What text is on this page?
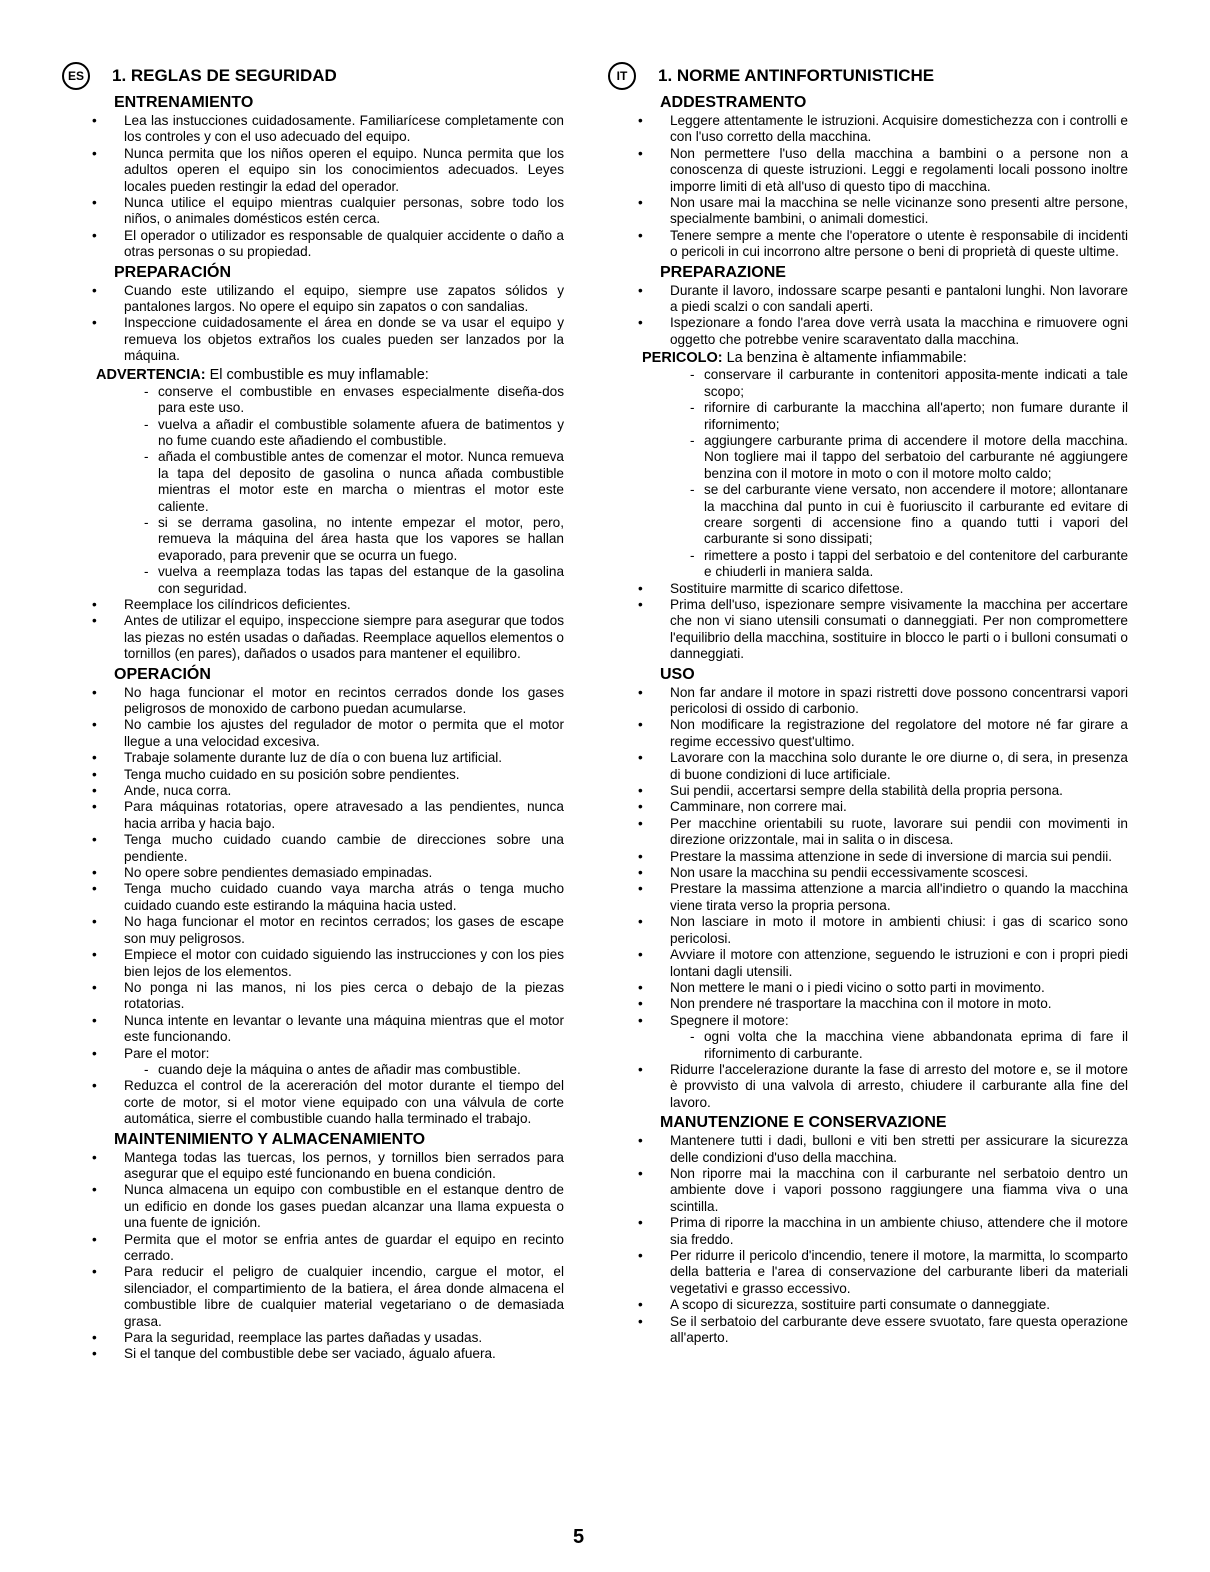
ES	1. REGLAS DE SEGURIDAD
ENTRENAMIENTO
• Lea las instucciones cuidadosamente. Familiarícese completamente con los controles y con el uso adecuado del equipo.
• Nunca permita que los niños operen el equipo. Nunca permita que los adultos operen el equipo sin los conocimientos adecuados. Leyes locales pueden restingir la edad del operador.
• Nunca utilice el equipo mientras cualquier personas, sobre todo los niños, o animales domésticos estén cerca.
• El operador o utilizador es responsable de qualquier accidente o daño a otras personas o su propiedad.
PREPARACIÓN
• Cuando este utilizando el equipo, siempre use zapatos sólidos y pantalones largos. No opere el equipo sin zapatos o con sandalias.
• Inspeccione cuidadosamente el área en donde se va usar el equipo y remueva los objetos extraños los cuales pueden ser lanzados por la máquina.
ADVERTENCIA: El combustible es muy inflamable:
- conserve el combustible en envases especialmente diseña-dos para este uso.
- vuelva a añadir el combustible solamente afuera de batimentos y no fume cuando este añadiendo el combustible.
- añada el combustible antes de comenzar el motor. Nunca remueva la tapa del deposito de gasolina o nunca añada combustible mientras el motor este en marcha o mientras el motor este caliente.
- si se derrama gasolina, no intente empezar el motor, pero, remueva la máquina del área hasta que los vapores se hallan evaporado, para prevenir que se ocurra un fuego.
- vuelva a reemplaza todas las tapas del estanque de la gasolina con seguridad.
• Reemplace los cilíndricos deficientes.
• Antes de utilizar el equipo, inspeccione siempre para asegurar que todos las piezas no estén usadas o dañadas. Reemplace aquellos elementos o tornillos (en pares), dañados o usados para mantener el equilibro.
OPERACIÓN
• No haga funcionar el motor en recintos cerrados donde los gases peligrosos de monoxido de carbono puedan acumularse.
• No cambie los ajustes del regulador de motor o permita que el motor llegue a una velocidad excesiva.
• Trabaje solamente durante luz de día o con buena luz artificial.
• Tenga mucho cuidado en su posición sobre pendientes.
• Ande, nuca corra.
• Para máquinas rotatorias, opere atravesado a las pendientes, nunca hacia arriba y hacia bajo.
• Tenga mucho cuidado cuando cambie de direcciones sobre una pendiente.
• No opere sobre pendientes demasiado empinadas.
• Tenga mucho cuidado cuando vaya marcha atrás o tenga mucho cuidado cuando este estirando la máquina hacia usted.
• No haga funcionar el motor en recintos cerrados; los gases de escape son muy peligrosos.
• Empiece el motor con cuidado siguiendo las instrucciones y con los pies bien lejos de los elementos.
• No ponga ni las manos, ni los pies cerca o debajo de la piezas rotatorias.
• Nunca intente en levantar o levante una máquina mientras que el motor este funcionando.
• Pare el motor:
- cuando deje la máquina o antes de añadir mas combustible.
• Reduzca el control de la acereración del motor durante el tiempo del corte de motor, si el motor viene equipado con una válvula de corte automática, sierre el combustible cuando halla terminado el trabajo.
MAINTENIMIENTO Y ALMACENAMIENTO
• Mantega todas las tuercas, los pernos, y tornillos bien serrados para asegurar que el equipo esté funcionando en buena condición.
• Nunca almacena un equipo con combustible en el estanque dentro de un edificio en donde los gases puedan alcanzar una llama expuesta o una fuente de ignición.
• Permita que el motor se enfria antes de guardar el equipo en recinto cerrado.
• Para reducir el peligro de cualquier incendio, cargue el motor, el silenciador, el compartimiento de la batiera, el área donde almacena el combustible libre de cualquier material vegetariano o de demasiada grasa.
• Para la seguridad, reemplace las partes dañadas y usadas.
• Si el tanque del combustible debe ser vaciado, águalo afuera.
IT	1. NORME ANTINFORTUNISTICHE
ADDESTRAMENTO
• Leggere attentamente le istruzioni. Acquisire domestichezza con i controlli e con l'uso corretto della macchina.
• Non permettere l'uso della macchina a bambini o a persone non a conoscenza di queste istruzioni. Leggi e regolamenti locali possono inoltre imporre limiti di età all'uso di questo tipo di macchina.
• Non usare mai la macchina se nelle vicinanze sono presenti altre persone, specialmente bambini, o animali domestici.
• Tenere sempre a mente che l'operatore o utente è responsabile di incidenti o pericoli in cui incorrono altre persone o beni di proprietà di queste ultime.
PREPARAZIONE
• Durante il lavoro, indossare scarpe pesanti e pantaloni lunghi. Non lavorare a piedi scalzi o con sandali aperti.
• Ispezionare a fondo l'area dove verrà usata la macchina e rimuovere ogni oggetto che potrebbe venire scaraventato dalla macchina.
PERICOLO: La benzina è altamente infiammabile:
- conservare il carburante in contenitori apposita-mente indicati a tale scopo;
- rifornire di carburante la macchina all'aperto; non fumare durante il rifornimento;
- aggiungere carburante prima di accendere il motore della macchina. Non togliere mai il tappo del serbatoio del carburante né aggiungere benzina con il motore in moto o con il motore molto caldo;
- se del carburante viene versato, non accendere il motore; allontanare la macchina dal punto in cui è fuoriuscito il carburante ed evitare di creare sorgenti di accensione fino a quando tutti i vapori del carburante si sono dissipati;
- rimettere a posto i tappi del serbatoio e del contenitore del carburante e chiuderli in maniera salda.
• Sostituire marmitte di scarico difettose.
• Prima dell'uso, ispezionare sempre visivamente la macchina per accertare che non vi siano utensili consumati o danneggiati. Per non compromettere l'equilibrio della macchina, sostituire in blocco le parti o i bulloni consumati o danneggiati.
USO
• Non far andare il motore in spazi ristretti dove possono concentrarsi vapori pericolosi di ossido di carbonio.
• Non modificare la registrazione del regolatore del motore né far girare a regime eccessivo quest'ultimo.
• Lavorare con la macchina solo durante le ore diurne o, di sera, in presenza di buone condizioni di luce artificiale.
• Sui pendii, accertarsi sempre della stabilità della propria persona.
• Camminare, non correre mai.
• Per macchine orientabili su ruote, lavorare sui pendii con movimenti in direzione orizzontale, mai in salita o in discesa.
• Prestare la massima attenzione in sede di inversione di marcia sui pendii.
• Non usare la macchina su pendii eccessivamente scoscesi.
• Prestare la massima attenzione a marcia all'indietro o quando la macchina viene tirata verso la propria persona.
• Non lasciare in moto il motore in ambienti chiusi: i gas di scarico sono pericolosi.
• Avviare il motore con attenzione, seguendo le istruzioni e con i propri piedi lontani dagli utensili.
• Non mettere le mani o i piedi vicino o sotto parti in movimento.
• Non prendere né trasportare la macchina con il motore in moto.
• Spegnere il motore:
- ogni volta che la macchina viene abbandonata eprima di fare il rifornimento di carburante.
• Ridurre l'accelerazione durante la fase di arresto del motore e, se il motore è provvisto di una valvola di arresto, chiudere il carburante alla fine del lavoro.
MANUTENZIONE E CONSERVAZIONE
• Mantenere tutti i dadi, bulloni e viti ben stretti per assicurare la sicurezza delle condizioni d'uso della macchina.
• Non riporre mai la macchina con il carburante nel serbatoio dentro un ambiente dove i vapori possono raggiungere una fiamma viva o una scintilla.
• Prima di riporre la macchina in un ambiente chiuso, attendere che il motore sia freddo.
• Per ridurre il pericolo d'incendio, tenere il motore, la marmitta, lo scomparto della batteria e l'area di conservazione del carburante liberi da materiali vegetativi e grasso eccessivo.
• A scopo di sicurezza, sostituire parti consumate o danneggiate.
• Se il serbatoio del carburante deve essere svuotato, fare questa operazione all'aperto.
5
